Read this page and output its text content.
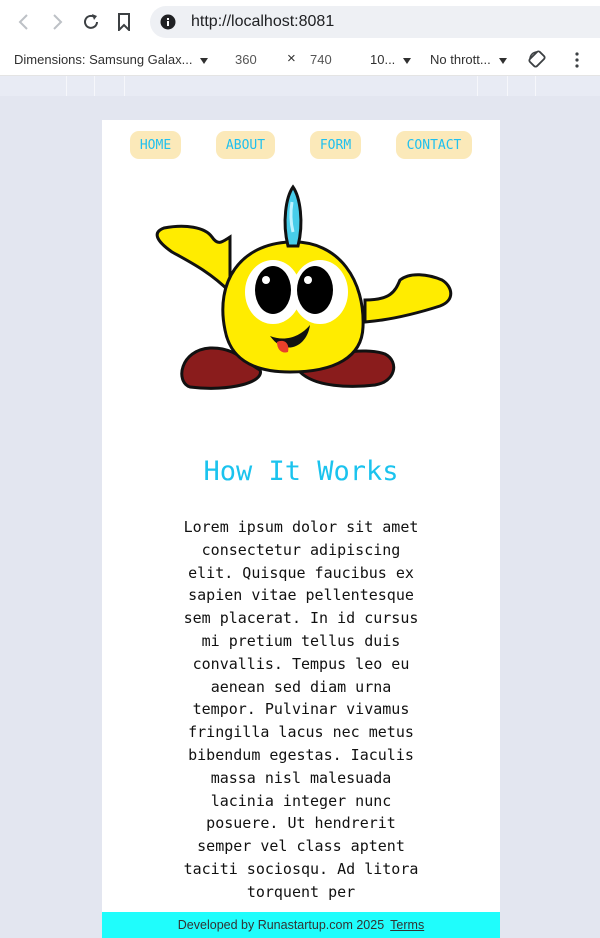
http://localhost:8081
Dimensions: Samsung Galax...	360 × 740	10...	No thrott...
HOME	ABOUT	FORM	CONTACT
How It Works

Lorem ipsum dolor sit amet consectetur adipiscing elit. Quisque faucibus ex sapien vitae pellentesque sem placerat. In id cursus mi pretium tellus duis convallis. Tempus leo eu aenean sed diam urna tempor. Pulvinar vivamus fringilla lacus nec metus bibendum egestas. Iaculis massa nisl malesuada lacinia integer nunc posuere. Ut hendrerit semper vel class aptent taciti sociosqu. Ad litora torquent per

Developed by Runastartup.com 2025 Terms
